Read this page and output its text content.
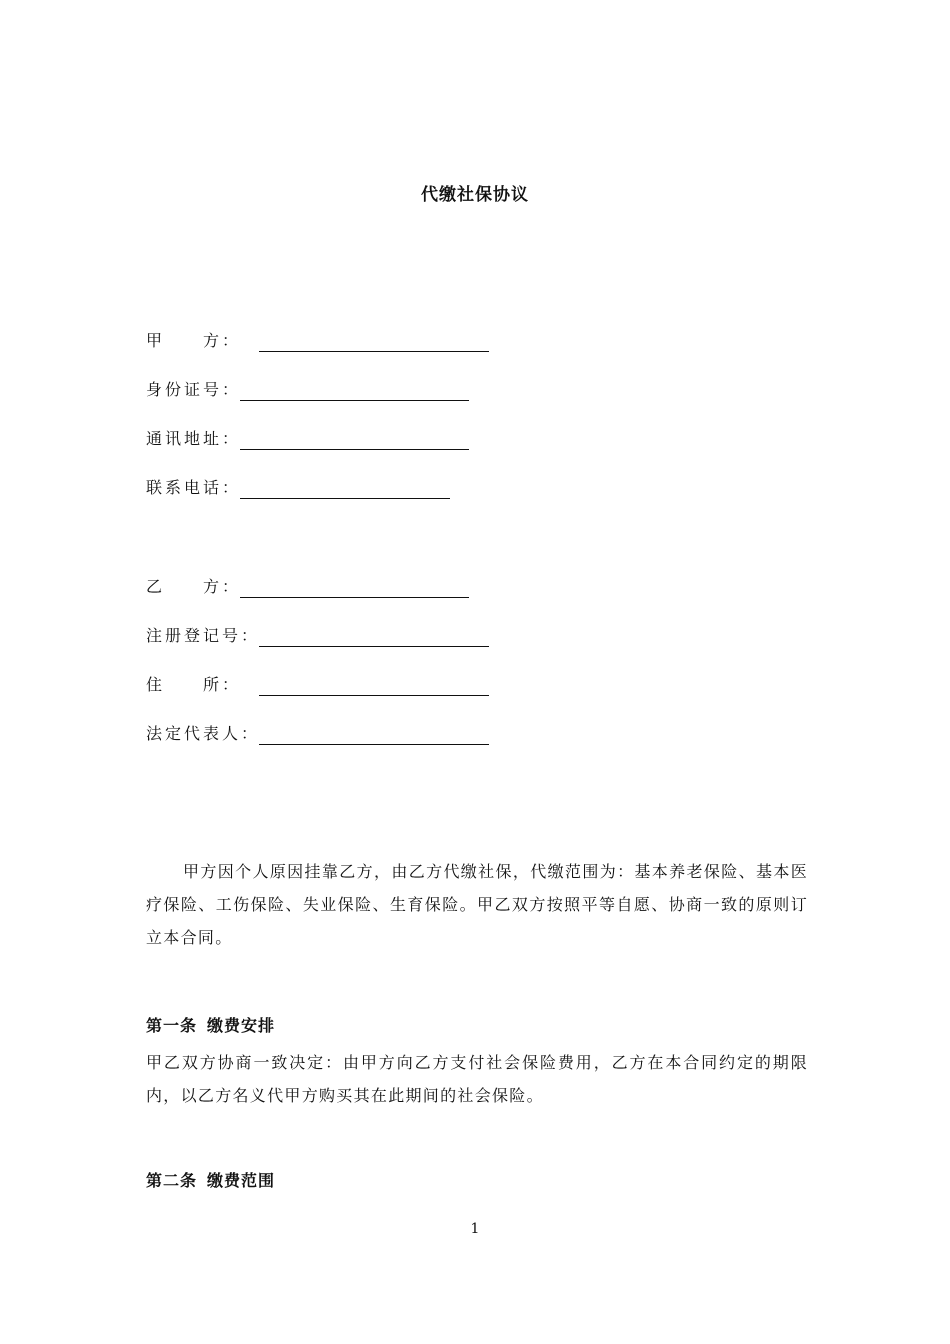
代缴社保协议
甲　　方：
身份证号：
通讯地址：
联系电话：
乙　　方：
注册登记号：
住　　所：
法定代表人：
甲方因个人原因挂靠乙方，由乙方代缴社保，代缴范围为：基本养老保险、基本医疗保险、工伤保险、失业保险、生育保险。甲乙双方按照平等自愿、协商一致的原则订立本合同。
第一条 缴费安排
甲乙双方协商一致决定：由甲方向乙方支付社会保险费用，乙方在本合同约定的期限内，以乙方名义代甲方购买其在此期间的社会保险。
第二条 缴费范围
1
